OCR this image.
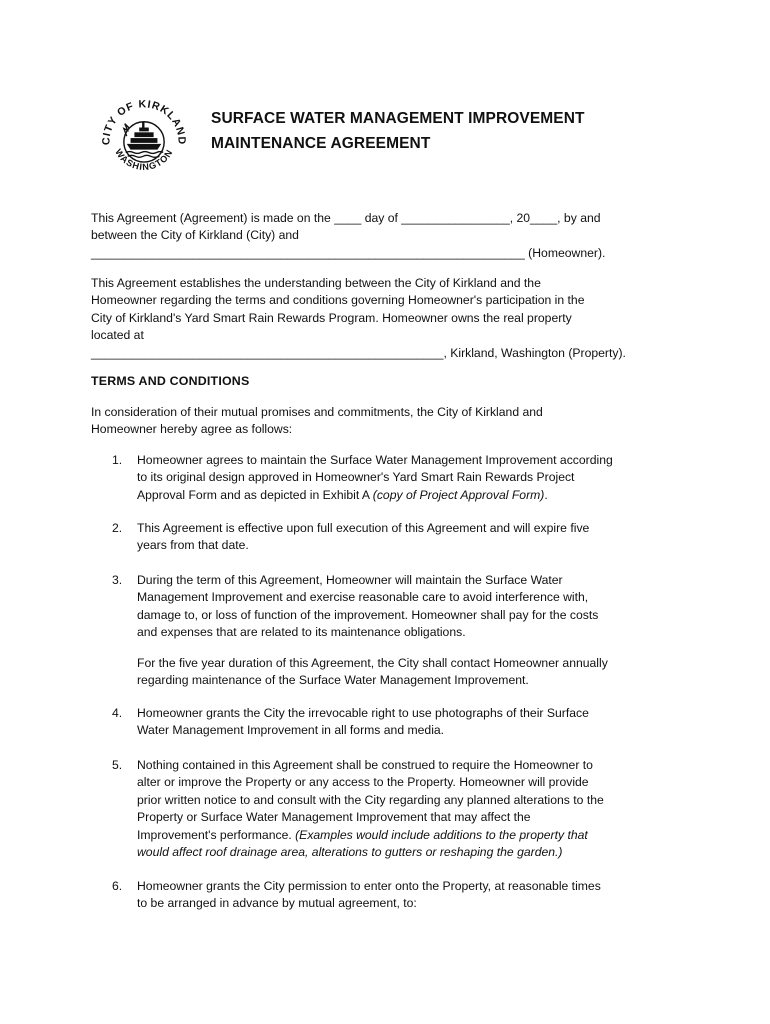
CITY OF KIRKLAND
WASHINGTON
SURFACE WATER MANAGEMENT IMPROVEMENT
MAINTENANCE AGREEMENT
This Agreement (Agreement) is made on the ____ day of ________________, 20____, by and
between the City of Kirkland (City) and
________________________________________________________________ (Homeowner).
This Agreement establishes the understanding between the City of Kirkland and the
Homeowner regarding the terms and conditions governing Homeowner's participation in the
City of Kirkland's Yard Smart Rain Rewards Program. Homeowner owns the real property
located at
____________________________________________________, Kirkland, Washington (Property).
TERMS AND CONDITIONS
In consideration of their mutual promises and commitments, the City of Kirkland and
Homeowner hereby agree as follows:
1. Homeowner agrees to maintain the Surface Water Management Improvement according
to its original design approved in Homeowner's Yard Smart Rain Rewards Project
Approval Form and as depicted in Exhibit A (copy of Project Approval Form).
2. This Agreement is effective upon full execution of this Agreement and will expire five
years from that date.
3. During the term of this Agreement, Homeowner will maintain the Surface Water
Management Improvement and exercise reasonable care to avoid interference with,
damage to, or loss of function of the improvement. Homeowner shall pay for the costs
and expenses that are related to its maintenance obligations.
For the five year duration of this Agreement, the City shall contact Homeowner annually
regarding maintenance of the Surface Water Management Improvement.
4. Homeowner grants the City the irrevocable right to use photographs of their Surface
Water Management Improvement in all forms and media.
5. Nothing contained in this Agreement shall be construed to require the Homeowner to
alter or improve the Property or any access to the Property. Homeowner will provide
prior written notice to and consult with the City regarding any planned alterations to the
Property or Surface Water Management Improvement that may affect the
Improvement's performance. (Examples would include additions to the property that
would affect roof drainage area, alterations to gutters or reshaping the garden.)
6. Homeowner grants the City permission to enter onto the Property, at reasonable times
to be arranged in advance by mutual agreement, to:
